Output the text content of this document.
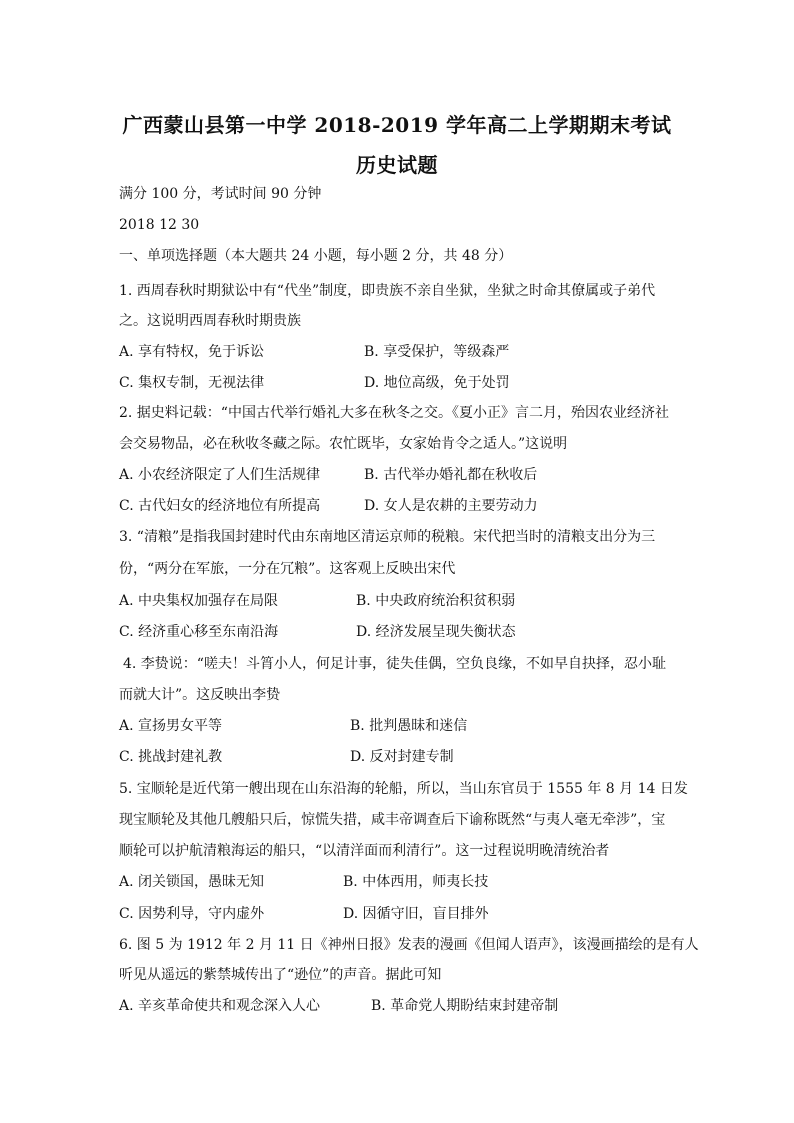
广西蒙山县第一中学 2018-2019 学年高二上学期期末考试
历史试题
满分 100 分，考试时间 90 分钟
2018 12 30
一、单项选择题（本大题共 24 小题，每小题 2 分，共 48 分）
1. 西周春秋时期狱讼中有“代坐”制度，即贵族不亲自坐狱，坐狱之时命其僚属或子弟代
之。这说明西周春秋时期贵族
A. 享有特权，免于诉讼	B. 享受保护，等级森严
C. 集权专制，无视法律	D. 地位高级，免于处罚
2. 据史料记载：“中国古代举行婚礼大多在秋冬之交。《夏小正》言二月，殆因农业经济社
会交易物品，必在秋收冬藏之际。农忙既毕，女家始肯令之适人。”这说明
A. 小农经济限定了人们生活规律	B. 古代举办婚礼都在秋收后
C. 古代妇女的经济地位有所提高	D. 女人是农耕的主要劳动力
3. “清粮”是指我国封建时代由东南地区清运京师的税粮。宋代把当时的清粮支出分为三
份，“两分在军旅，一分在冗粮”。这客观上反映出宋代
A. 中央集权加强存在局限	B. 中央政府统治积贫积弱
C. 经济重心移至东南沿海	D. 经济发展呈现失衡状态
4. 李贽说：“嗟夫！斗筲小人，何足计事，徒失佳偶，空负良缘，不如早自抉择，忍小耻
而就大计”。这反映出李贽
A. 宣扬男女平等	B. 批判愚昧和迷信
C. 挑战封建礼教	D. 反对封建专制
5. 宝顺轮是近代第一艘出现在山东沿海的轮船，所以，当山东官员于 1555 年 8 月 14 日发
现宝顺轮及其他几艘船只后，惊慌失措，咸丰帝调查后下谕称既然“与夷人毫无牵涉”，宝
顺轮可以护航清粮海运的船只，“以清洋面而利清行”。这一过程说明晚清统治者
A. 闭关锁国，愚昧无知	B. 中体西用，师夷长技
C. 因势利导，守内虚外	D. 因循守旧，盲目排外
6. 图 5 为 1912 年 2 月 11 日《神州日报》发表的漫画《但闻人语声》，该漫画描绘的是有人
听见从遥远的紫禁城传出了“逊位”的声音。据此可知
A. 辛亥革命使共和观念深入人心	B. 革命党人期盼结束封建帝制
